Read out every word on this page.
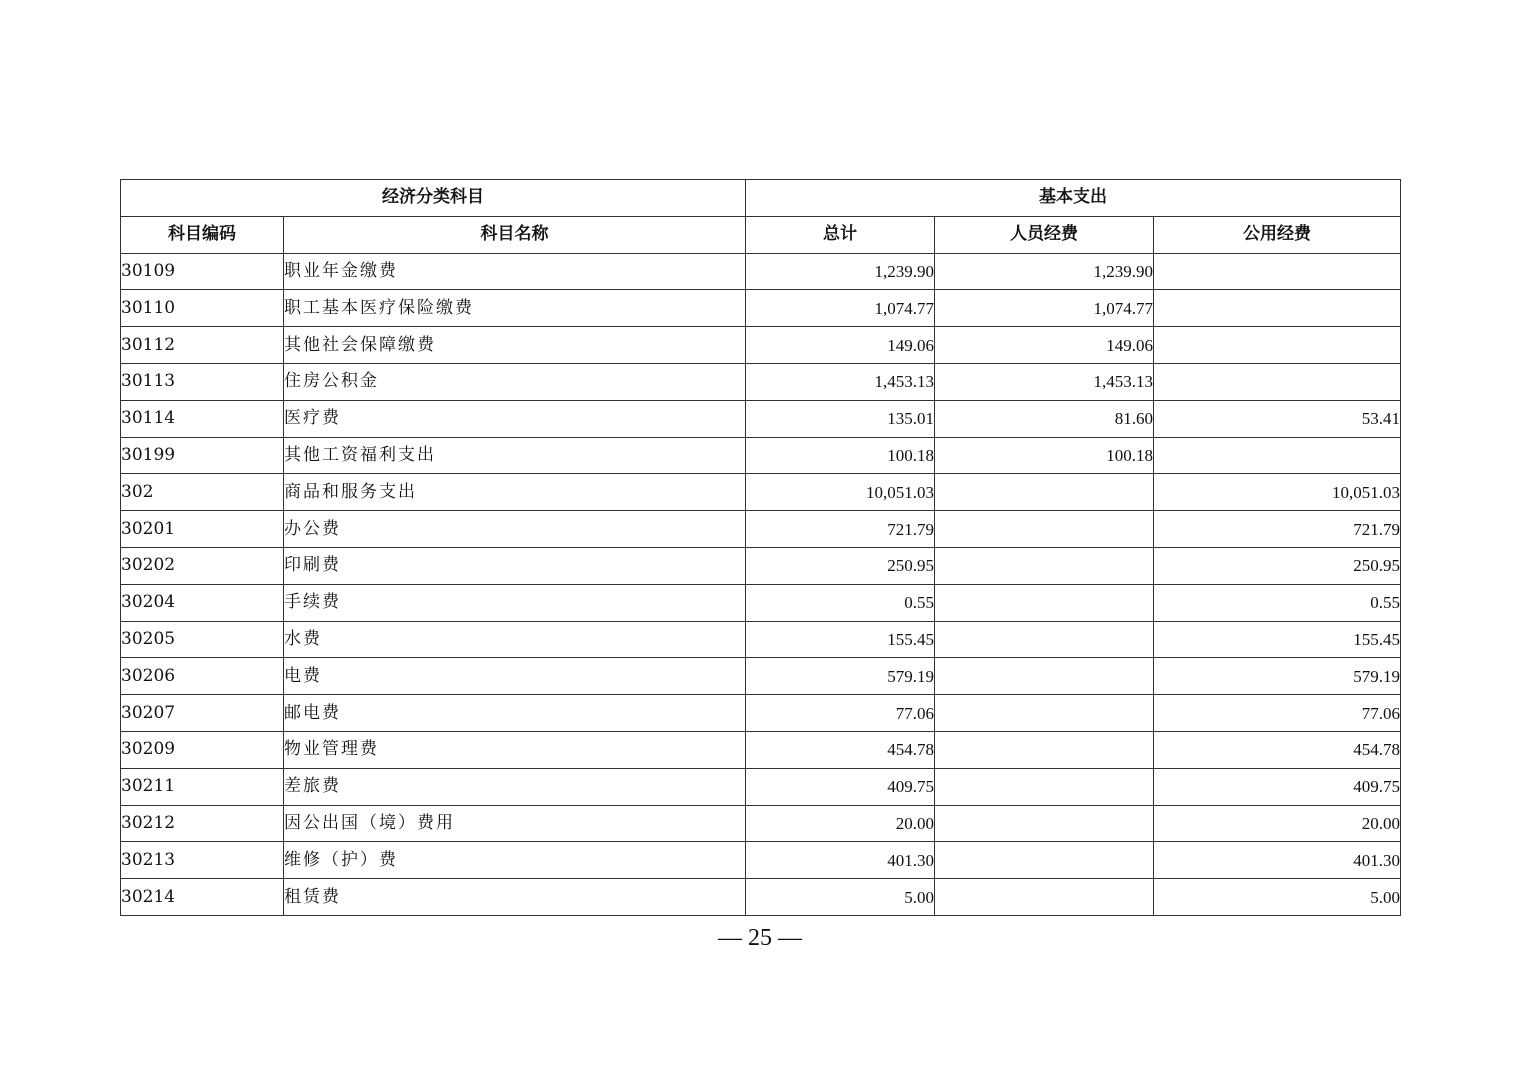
经济分类科目		基本支出		
科目编码	科目名称	总计	人员经费	公用经费
30109	职业年金缴费	1,239.90	1,239.90	
30110	职工基本医疗保险缴费	1,074.77	1,074.77	
30112	其他社会保障缴费	149.06	149.06	
30113	住房公积金	1,453.13	1,453.13	
30114	医疗费	135.01	81.60	53.41
30199	其他工资福利支出	100.18	100.18	
302	商品和服务支出	10,051.03		10,051.03
30201	办公费	721.79		721.79
30202	印刷费	250.95		250.95
30204	手续费	0.55		0.55
30205	水费	155.45		155.45
30206	电费	579.19		579.19
30207	邮电费	77.06		77.06
30209	物业管理费	454.78		454.78
30211	差旅费	409.75		409.75
30212	因公出国（境）费用	20.00		20.00
30213	维修（护）费	401.30		401.30
30214	租赁费	5.00		5.00
— 25 —
